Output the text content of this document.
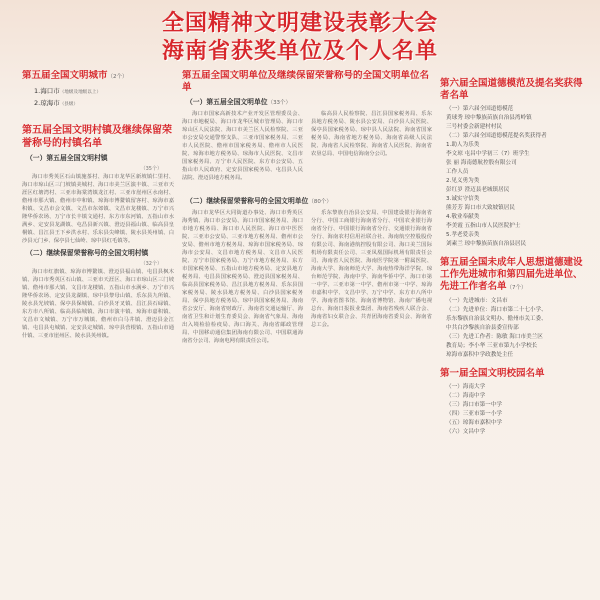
全国精神文明建设表彰大会
海南省获奖单位及个人名单
第五届全国文明城市（2个）
1.海口市（地级及地级以上）
2.琼海市（县级）
第五届全国文明村镇及继续保留荣誉称号的村镇名单
（一）第五届全国文明村镇
（35个）
海口市秀英区石山镇施茶村、海口市龙华区新坡镇仁里村、海口市琼山区三门坡镇美城村、海口市美兰区演丰镇、三亚市天涯区红塘湾村、三亚市海棠湾镇龙江村、三亚市崖州区水南村、儋州市那大镇、儋州市中和镇、琼海市博鳌镇留客村、琼海市嘉积镇、文昌市会文镇、文昌市东郊镇、文昌市龙楼镇、万宁市兴隆华侨农场、万宁市长丰镇文通村、东方市东河镇、五指山市水满乡、定安县龙湖镇、屯昌县新兴镇、澄迈县福山镇、临高县皇桐镇、昌江县王下乡洪水村、乐东县尖峰镇、陵水县英州镇、白沙县元门乡、保亭县七仙岭、琼中县红毛镇等。
（二）继续保留荣誉称号的全国文明村镇
（32个）
海口市红旗镇、琼海市博鳌镇、澄迈县福山镇、屯昌县枫木镇、海口市秀英区石山镇、三亚市天涯区、海口市琼山区三门坡镇、儋州市那大镇、文昌市龙楼镇、五指山市水满乡、万宁市兴隆华侨农场、定安县龙湖镇、琼中县黎母山镇、乐东县九所镇、陵水县光坡镇、保亭县保城镇、白沙县牙叉镇、昌江县石碌镇、东方市八所镇、临高县临城镇、海口市演丰镇、琼海市嘉积镇、文昌市文城镇、万宁市万城镇、儋州市白马井镇、澄迈县金江镇、屯昌县屯城镇、定安县定城镇、琼中县营根镇、五指山市通什镇、三亚市崖州区、陵水县英州镇。
第五届全国文明单位及继续保留荣誉称号的全国文明单位名单
（一）第五届全国文明单位（33个）
海口市国家高新技术产业开发区管理委员会、海口市地税局、海口市龙华区城市管理局、海口市琼山区人民法院、海口市美兰区人民检察院、三亚市公安局交通警察支队、三亚市国家税务局、三亚市人民医院、儋州市国家税务局、儋州市人民医院、琼海市地方税务局、琼海市人民医院、文昌市国家税务局、万宁市人民医院、东方市公安局、五指山市人民政府、定安县国家税务局、屯昌县人民法院、澄迈县地方税务局。
临高县人民检察院、昌江县国家税务局、乐东县地方税务局、陵水县公安局、白沙县人民医院、保亭县国家税务局、琼中县人民法院、海南省国家税务局、海南省地方税务局、海南省高级人民法院、海南省人民检察院、海南省人民医院、海南省农垦总局、中国电信海南分公司。
（二）继续保留荣誉称号的全国文明单位（80个）
海口市龙华区大同街道办事处、海口市秀英区海秀镇、海口市公安局、海口市国家税务局、海口市地方税务局、海口市人民医院、海口市中医医院、三亚市公安局、三亚市地方税务局、儋州市公安局、儋州市地方税务局、琼海市国家税务局、琼海市公安局、文昌市地方税务局、文昌市人民医院、万宁市国家税务局、万宁市地方税务局、东方市国家税务局、五指山市地方税务局、定安县地方税务局、屯昌县国家税务局、澄迈县国家税务局、临高县国家税务局、昌江县地方税务局、乐东县国家税务局、陵水县地方税务局、白沙县国家税务局、保亭县地方税务局、琼中县国家税务局、海南省公安厅、海南省财政厅、海南省交通运输厅、海南省卫生和计划生育委员会、海南省气象局、海南出入境检验检疫局、海口海关、海南省邮政管理局、中国移动通信集团海南有限公司、中国联通海南省分公司、海南电网有限责任公司。
乐东黎族自治县公安局、中国建设银行海南省分行、中国工商银行海南省分行、中国农业银行海南省分行、中国银行海南省分行、交通银行海南省分行、海南农村信用社联合社、海南航空控股股份有限公司、海南港航控股有限公司、海口美兰国际机场有限责任公司、三亚凤凰国际机场有限责任公司、海南省人民医院、海南医学院第一附属医院、海南大学、海南师范大学、海南热带海洋学院、琼台师范学院、海南中学、海南华侨中学、海口市第一中学、三亚市第一中学、儋州市第一中学、琼海市嘉积中学、文昌中学、万宁中学、东方市八所中学、海南省图书馆、海南省博物馆、海南广播电视总台、海南日报报业集团、海南省残疾人联合会、海南省妇女联合会、共青团海南省委员会、海南省总工会。
第六届全国道德模范及提名奖获得者名单
（一）第六届全国道德模范
黄球秀 琼中黎族苗族自治县湾岭镇
三号村委会新建村村民
（二）第六届全国道德模范提名奖获得者
1.助人为乐类
李文琼 屯昌中学初三（7）班学生
张 丽 海南德航控股有限公司
工作人员
2.见义勇为类
彭红岁 澄迈县老城镇居民
3.诚实守信类
熊芳芳 海口市大致坡镇居民
4.敬业奉献类
李美霞 五指山市人民医院护士
5.孝老爱亲类
刘素兰 琼中黎族苗族自治县居民
第五届全国未成年人思想道德建设工作先进城市和第四届先进单位、先进工作者名单（7个）
（一）先进城市：文昌市
（二）先进单位：海口市第二十七小学、
乐东黎族自治县文明办、儋州市关工委、
中共白沙黎族自治县委宣传部
（三）先进工作者：陈敏 海口市美兰区
教育局；李小华 三亚市第九小学校长
琼海市嘉积中学政教处主任
第一届全国文明校园名单
（一）海南大学
（二）海南中学
（三）海口市第一中学
（四）三亚市第一小学
（五）琼海市嘉积中学
（六）文昌中学
